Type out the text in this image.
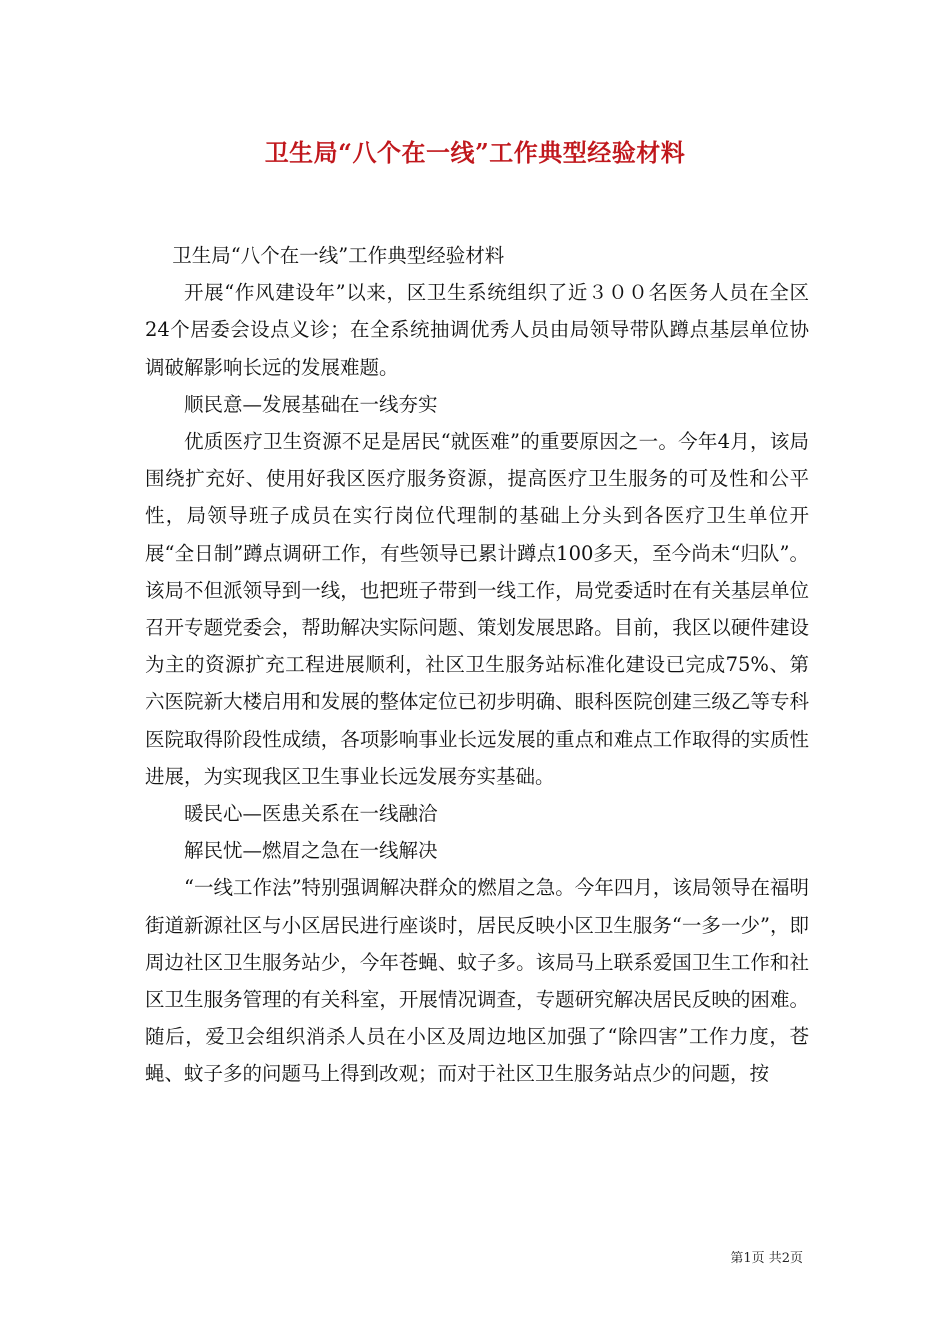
卫生局“八个在一线”工作典型经验材料

卫生局“八个在一线”工作典型经验材料

开展“作风建设年”以来，区卫生系统组织了近３００名医务人员在全区24个居委会设点义诊；在全系统抽调优秀人员由局领导带队蹲点基层单位协调破解影响长远的发展难题。

顺民意—发展基础在一线夯实

优质医疗卫生资源不足是居民“就医难”的重要原因之一。今年4月，该局围绕扩充好、使用好我区医疗服务资源，提高医疗卫生服务的可及性和公平性，局领导班子成员在实行岗位代理制的基础上分头到各医疗卫生单位开展“全日制”蹲点调研工作，有些领导已累计蹲点100多天，至今尚未“归队”。该局不但派领导到一线，也把班子带到一线工作，局党委适时在有关基层单位召开专题党委会，帮助解决实际问题、策划发展思路。目前，我区以硬件建设为主的资源扩充工程进展顺利，社区卫生服务站标准化建设已完成75%、第六医院新大楼启用和发展的整体定位已初步明确、眼科医院创建三级乙等专科医院取得阶段性成绩，各项影响事业长远发展的重点和难点工作取得的实质性进展，为实现我区卫生事业长远发展夯实基础。

暖民心—医患关系在一线融洽

解民忧—燃眉之急在一线解决

“一线工作法”特别强调解决群众的燃眉之急。今年四月，该局领导在福明街道新源社区与小区居民进行座谈时，居民反映小区卫生服务“一多一少”，即周边社区卫生服务站少，今年苍蝇、蚊子多。该局马上联系爱国卫生工作和社区卫生服务管理的有关科室，开展情况调查，专题研究解决居民反映的困难。随后，爱卫会组织消杀人员在小区及周边地区加强了“除四害”工作力度，苍蝇、蚊子多的问题马上得到改观；而对于社区卫生服务站点少的问题，按

第1页 共2页
